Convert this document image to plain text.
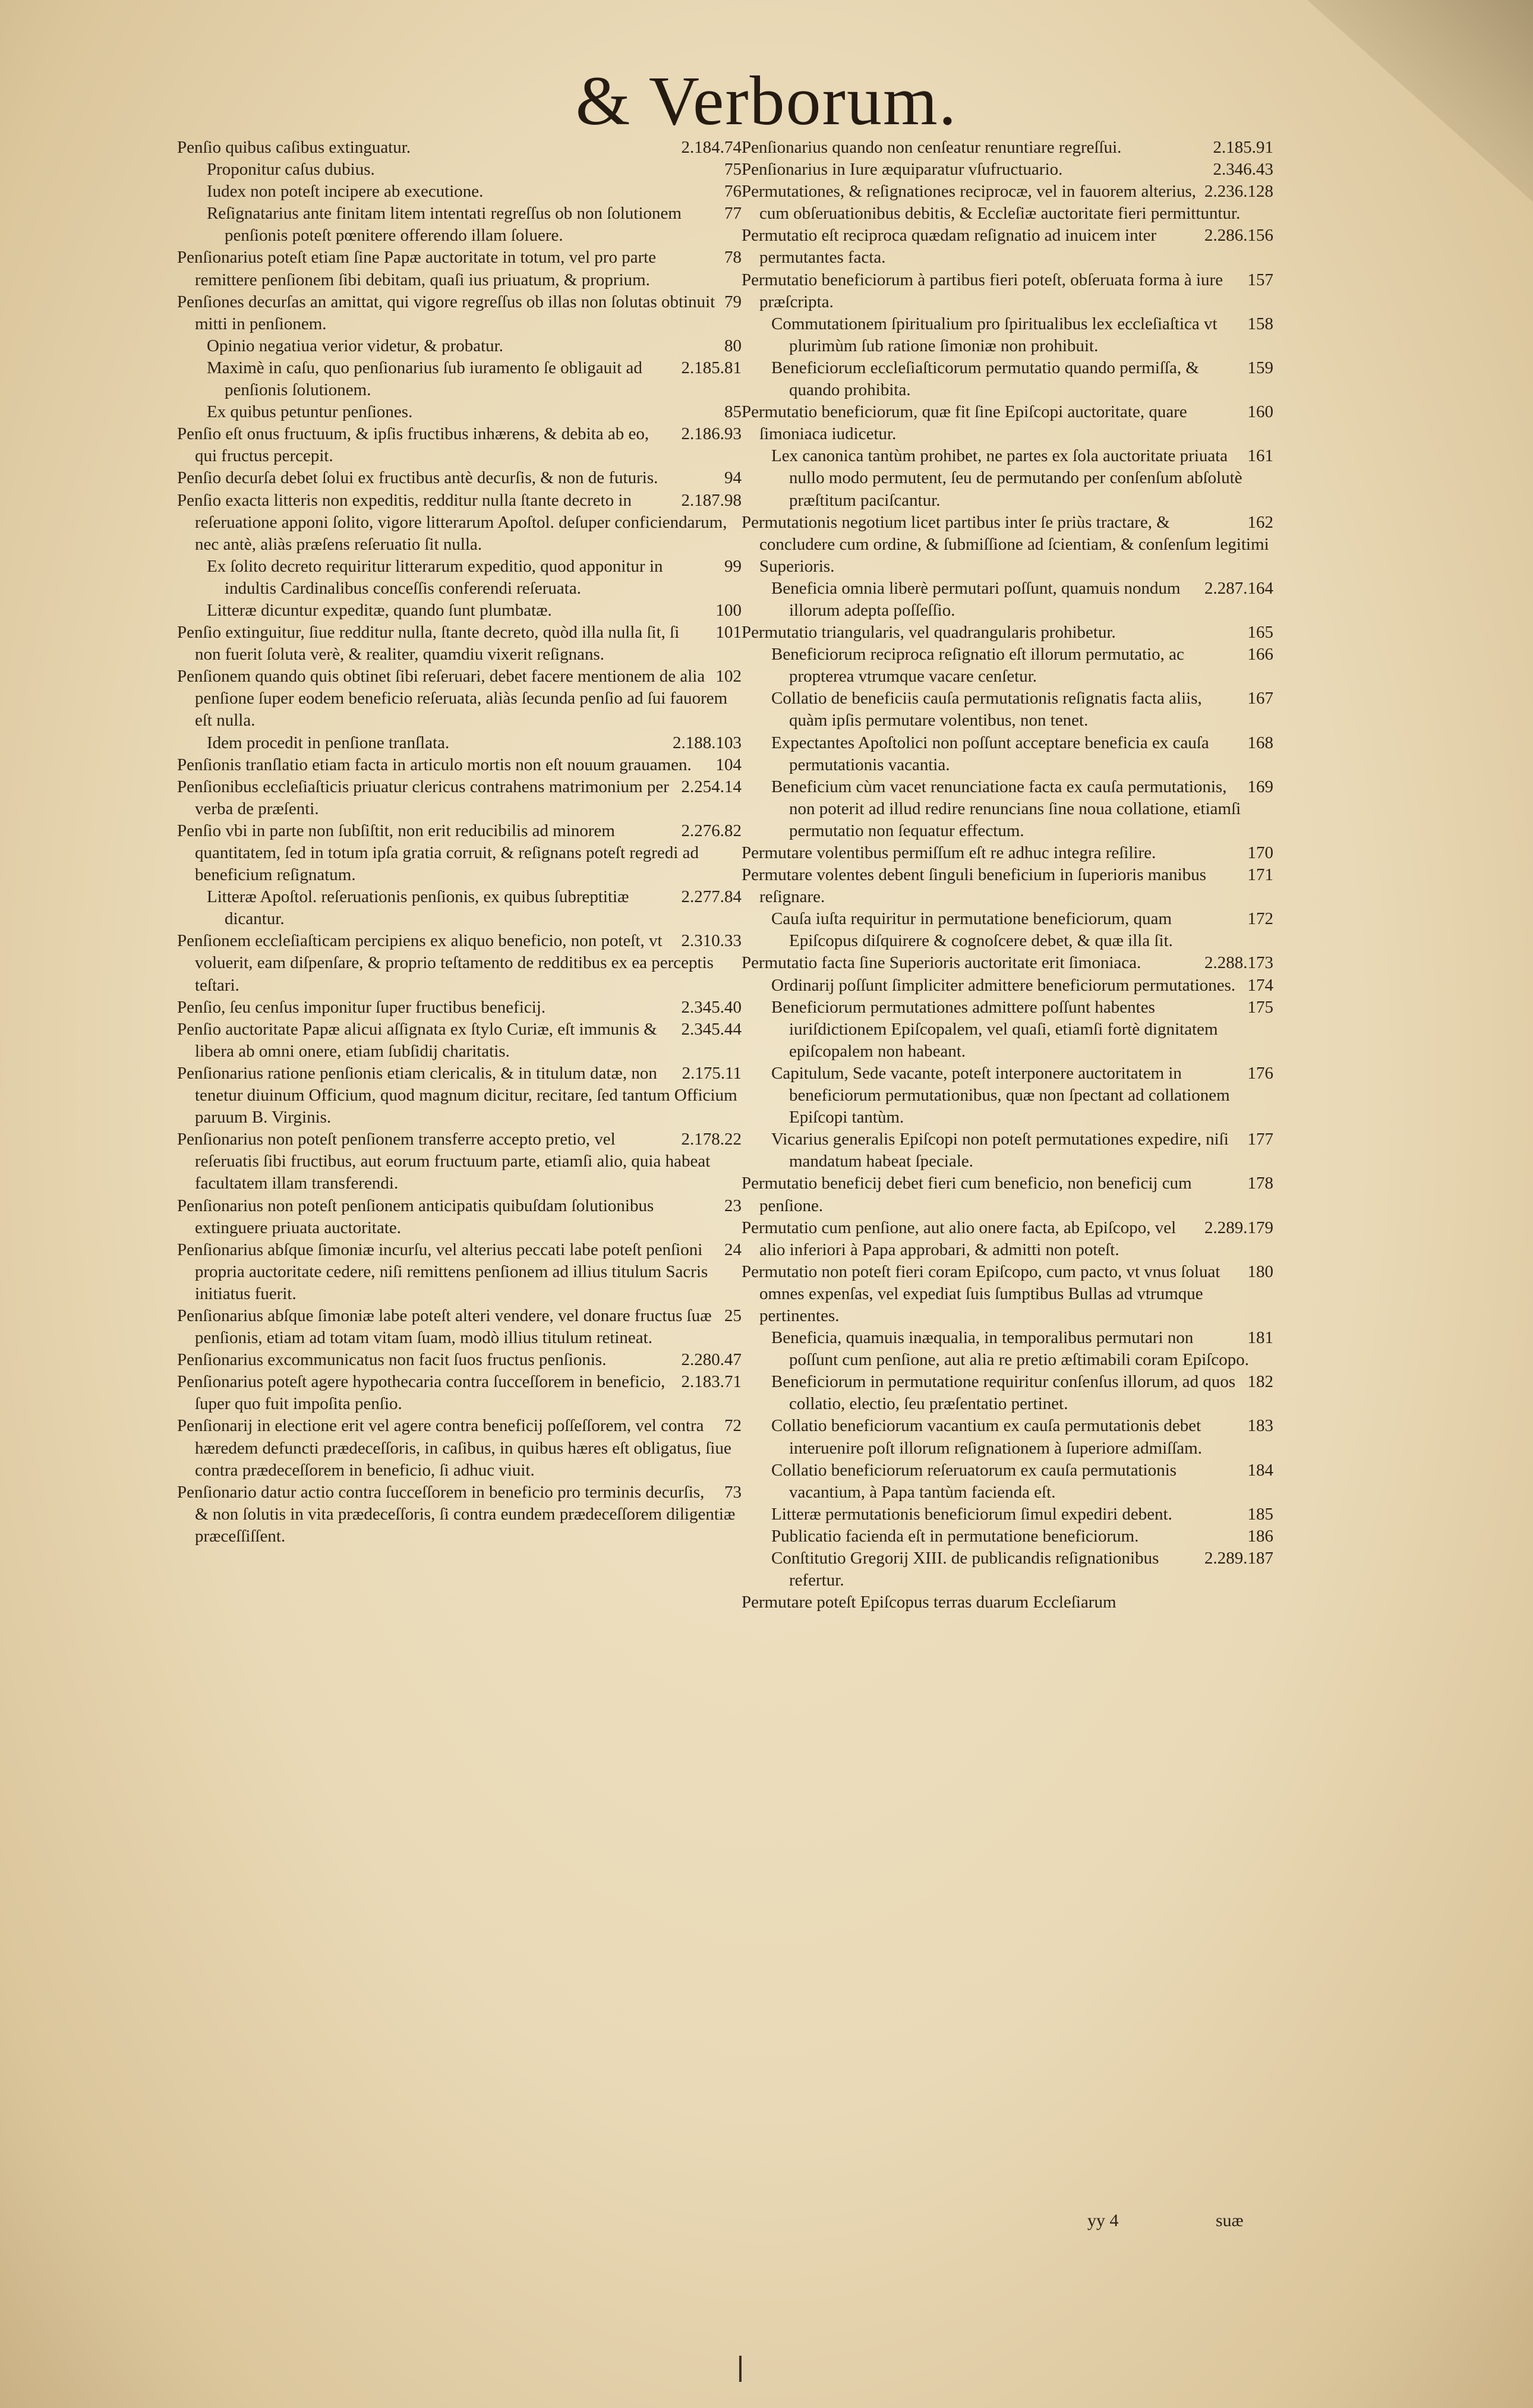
& Verborum.

2.184.74
Penſio quibus caſibus extinguatur.

75
Proponitur caſus dubius.

76
Iudex non poteſt incipere ab executione.

77
Reſignatarius ante finitam litem intentati regreſſus ob non ſolutionem penſionis poteſt pœnitere offerendo illam ſoluere.

78
Penſionarius poteſt etiam ſine Papæ auctoritate in totum, vel pro parte remittere penſionem ſibi debitam, quaſi ius priuatum, & proprium.

79
Penſiones decurſas an amittat, qui vigore regreſſus ob illas non ſolutas obtinuit mitti in penſionem.

80
Opinio negatiua verior videtur, & probatur.

2.185.81
Maximè in caſu, quo penſionarius ſub iuramento ſe obligauit ad penſionis ſolutionem.

85
Ex quibus petuntur penſiones.

2.186.93
Penſio eſt onus fructuum, & ipſis fructibus inhærens, & debita ab eo, qui fructus percepit.

94
Penſio decurſa debet ſolui ex fructibus antè decurſis, & non de futuris.

2.187.98
Penſio exacta litteris non expeditis, redditur nulla ſtante decreto in reſeruatione apponi ſolito, vigore litterarum Apoſtol. deſuper conficiendarum, nec antè, aliàs præſens reſeruatio ſit nulla.

99
Ex ſolito decreto requiritur litterarum expeditio, quod apponitur in indultis Cardinalibus conceſſis conferendi reſeruata.

100
Litteræ dicuntur expeditæ, quando ſunt plumbatæ.

101
Penſio extinguitur, ſiue redditur nulla, ſtante decreto, quòd illa nulla ſit, ſi non fuerit ſoluta verè, & realiter, quamdiu vixerit reſignans.

102
Penſionem quando quis obtinet ſibi reſeruari, debet facere mentionem de alia penſione ſuper eodem beneficio reſeruata, aliàs ſecunda penſio ad ſui fauorem eſt nulla.

2.188.103
Idem procedit in penſione tranſlata.

104
Penſionis tranſlatio etiam facta in articulo mortis non eſt nouum grauamen.

2.254.14
Penſionibus eccleſiaſticis priuatur clericus contrahens matrimonium per verba de præſenti.

2.276.82
Penſio vbi in parte non ſubſiſtit, non erit reducibilis ad minorem quantitatem, ſed in totum ipſa gratia corruit, & reſignans poteſt regredi ad beneficium reſignatum.

2.277.84
Litteræ Apoſtol. reſeruationis penſionis, ex quibus ſubreptitiæ dicantur.

2.310.33
Penſionem eccleſiaſticam percipiens ex aliquo beneficio, non poteſt, vt voluerit, eam diſpenſare, & proprio teſtamento de redditibus ex ea perceptis teſtari.

2.345.40
Penſio, ſeu cenſus imponitur ſuper fructibus beneficij.

2.345.44
Penſio auctoritate Papæ alicui aſſignata ex ſtylo Curiæ, eſt immunis & libera ab omni onere, etiam ſubſidij charitatis.

2.175.11
Penſionarius ratione penſionis etiam clericalis, & in titulum datæ, non tenetur diuinum Officium, quod magnum dicitur, recitare, ſed tantum Officium paruum B. Virginis.

2.178.22
Penſionarius non poteſt penſionem transferre accepto pretio, vel reſeruatis ſibi fructibus, aut eorum fructuum parte, etiamſi alio, quia habeat facultatem illam transferendi.

23
Penſionarius non poteſt penſionem anticipatis quibuſdam ſolutionibus extinguere priuata auctoritate.

24
Penſionarius abſque ſimoniæ incurſu, vel alterius peccati labe poteſt penſioni propria auctoritate cedere, niſi remittens penſionem ad illius titulum Sacris initiatus fuerit.

25
Penſionarius abſque ſimoniæ labe poteſt alteri vendere, vel donare fructus ſuæ penſionis, etiam ad totam vitam ſuam, modò illius titulum retineat.

2.280.47
Penſionarius excommunicatus non facit ſuos fructus penſionis.

2.183.71
Penſionarius poteſt agere hypothecaria contra ſucceſſorem in beneficio, ſuper quo fuit impoſita penſio.

72
Penſionarij in electione erit vel agere contra beneficij poſſeſſorem, vel contra hæredem defuncti prædeceſſoris, in caſibus, in quibus hæres eſt obligatus, ſiue contra prædeceſſorem in beneficio, ſi adhuc viuit.

73
Penſionario datur actio contra ſucceſſorem in beneficio pro terminis decurſis, & non ſolutis in vita prædeceſſoris, ſi contra eundem prædeceſſorem diligentiæ præceſſiſſent.

2.185.91
Penſionarius quando non cenſeatur renuntiare regreſſui.

2.346.43
Penſionarius in Iure æquiparatur vſufructuario.

2.236.128
Permutationes, & reſignationes reciprocæ, vel in fauorem alterius, cum obſeruationibus debitis, & Eccleſiæ auctoritate fieri permittuntur.

2.286.156
Permutatio eſt reciproca quædam reſignatio ad inuicem inter permutantes facta.

157
Permutatio beneficiorum à partibus fieri poteſt, obſeruata forma à iure præſcripta.

158
Commutationem ſpiritualium pro ſpiritualibus lex eccleſiaſtica vt plurimùm ſub ratione ſimoniæ non prohibuit.

159
Beneficiorum eccleſiaſticorum permutatio quando permiſſa, & quando prohibita.

160
Permutatio beneficiorum, quæ fit ſine Epiſcopi auctoritate, quare ſimoniaca iudicetur.

161
Lex canonica tantùm prohibet, ne partes ex ſola auctoritate priuata nullo modo permutent, ſeu de permutando per conſenſum abſolutè præſtitum paciſcantur.

162
Permutationis negotium licet partibus inter ſe priùs tractare, & concludere cum ordine, & ſubmiſſione ad ſcientiam, & conſenſum legitimi Superioris.

2.287.164
Beneficia omnia liberè permutari poſſunt, quamuis nondum illorum adepta poſſeſſio.

165
Permutatio triangularis, vel quadrangularis prohibetur.

166
Beneficiorum reciproca reſignatio eſt illorum permutatio, ac propterea vtrumque vacare cenſetur.

167
Collatio de beneficiis cauſa permutationis reſignatis facta aliis, quàm ipſis permutare volentibus, non tenet.

168
Expectantes Apoſtolici non poſſunt acceptare beneficia ex cauſa permutationis vacantia.

169
Beneficium cùm vacet renunciatione facta ex cauſa permutationis, non poterit ad illud redire renuncians ſine noua collatione, etiamſi permutatio non ſequatur effectum.

170
Permutare volentibus permiſſum eſt re adhuc integra reſilire.

171
Permutare volentes debent ſinguli beneficium in ſuperioris manibus reſignare.

172
Cauſa iuſta requiritur in permutatione beneficiorum, quam Epiſcopus diſquirere & cognoſcere debet, & quæ illa ſit.

2.288.173
Permutatio facta ſine Superioris auctoritate erit ſimoniaca.

174
Ordinarij poſſunt ſimpliciter admittere beneficiorum permutationes.

175
Beneficiorum permutationes admittere poſſunt habentes iuriſdictionem Epiſcopalem, vel quaſi, etiamſi fortè dignitatem epiſcopalem non habeant.

176
Capitulum, Sede vacante, poteſt interponere auctoritatem in beneficiorum permutationibus, quæ non ſpectant ad collationem Epiſcopi tantùm.

177
Vicarius generalis Epiſcopi non poteſt permutationes expedire, niſi mandatum habeat ſpeciale.

178
Permutatio beneficij debet fieri cum beneficio, non beneficij cum penſione.

2.289.179
Permutatio cum penſione, aut alio onere facta, ab Epiſcopo, vel alio inferiori à Papa approbari, & admitti non poteſt.

180
Permutatio non poteſt fieri coram Epiſcopo, cum pacto, vt vnus ſoluat omnes expenſas, vel expediat ſuis ſumptibus Bullas ad vtrumque pertinentes.

181
Beneficia, quamuis inæqualia, in temporalibus permutari non poſſunt cum penſione, aut alia re pretio æſtimabili coram Epiſcopo.

182
Beneficiorum in permutatione requiritur conſenſus illorum, ad quos collatio, electio, ſeu præſentatio pertinet.

183
Collatio beneficiorum vacantium ex cauſa permutationis debet interuenire poſt illorum reſignationem à ſuperiore admiſſam.

184
Collatio beneficiorum reſeruatorum ex cauſa permutationis vacantium, à Papa tantùm facienda eſt.

185
Litteræ permutationis beneficiorum ſimul expediri debent.

186
Publicatio facienda eſt in permutatione beneficiorum.

2.289.187
Conſtitutio Gregorij XIII. de publicandis reſignationibus refertur.

Permutare poteſt Epiſcopus terras duarum Eccleſiarum

yy 4	suæ
